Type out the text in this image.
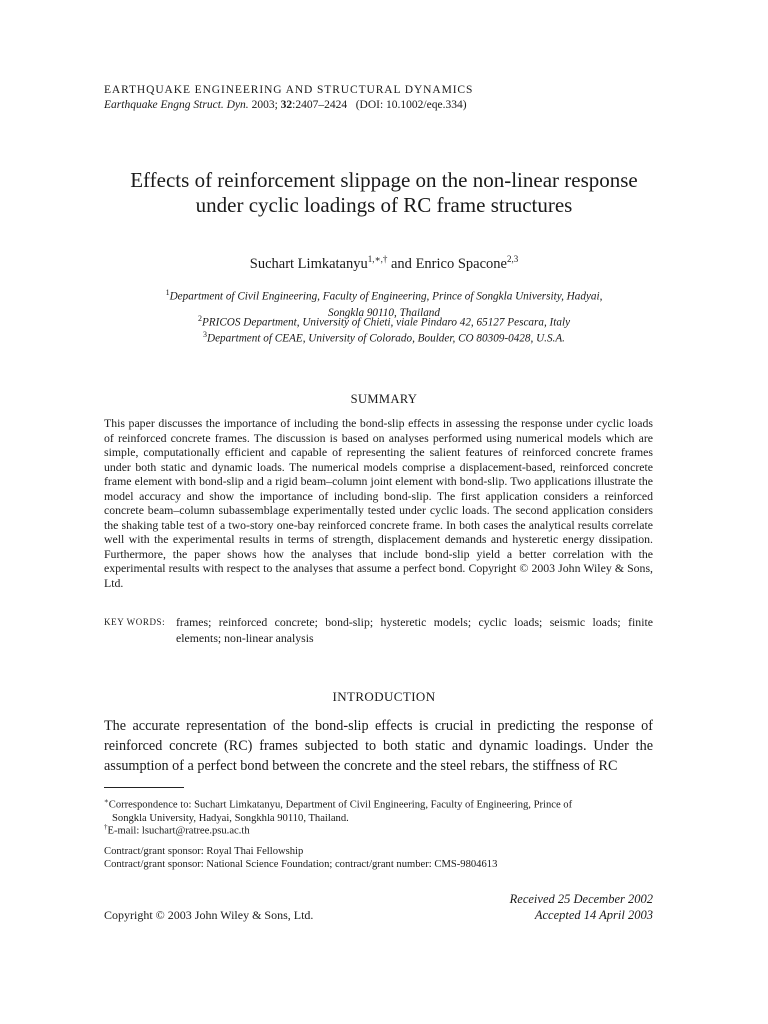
EARTHQUAKE ENGINEERING AND STRUCTURAL DYNAMICS
Earthquake Engng Struct. Dyn. 2003; 32:2407–2424 (DOI: 10.1002/eqe.334)
Effects of reinforcement slippage on the non-linear response
under cyclic loadings of RC frame structures
Suchart Limkatanyu$^{1,∗,\dagger}$ and Enrico Spacone$^{2,3}$
$^1$Department of Civil Engineering, Faculty of Engineering, Prince of Songkla University, Hadyai,
Songkla 90110, Thailand
$^2$PRICOS Department, University of Chieti, viale Pindaro 42, 65127 Pescara, Italy
$^3$Department of CEAE, University of Colorado, Boulder, CO 80309-0428, U.S.A.
SUMMARY

This paper discusses the importance of including the bond-slip effects in assessing the response under cyclic loads of reinforced concrete frames. The discussion is based on analyses performed using numerical models which are simple, computationally efficient and capable of representing the salient features of reinforced concrete frames under both static and dynamic loads. The numerical models comprise a displacement-based, reinforced concrete frame element with bond-slip and a rigid beam–column joint element with bond-slip. Two applications illustrate the model accuracy and show the importance of including bond-slip. The first application considers a reinforced concrete beam–column subassemblage experimentally tested under cyclic loads. The second application considers the shaking table test of a two-story one-bay reinforced concrete frame. In both cases the analytical results correlate well with the experimental results in terms of strength, displacement demands and hysteretic energy dissipation. Furthermore, the paper shows how the analyses that include bond-slip yield a better correlation with the experimental results with respect to the analyses that assume a perfect bond. Copyright © 2003 John Wiley & Sons, Ltd.

KEY WORDS: frames; reinforced concrete; bond-slip; hysteretic models; cyclic loads; seismic loads; finite elements; non-linear analysis
INTRODUCTION

The accurate representation of the bond-slip effects is crucial in predicting the response of reinforced concrete (RC) frames subjected to both static and dynamic loadings. Under the assumption of a perfect bond between the concrete and the steel rebars, the stiffness of RC

∗Correspondence to: Suchart Limkatanyu, Department of Civil Engineering, Faculty of Engineering, Prince of
Songkla University, Hadyai, Songkhla 90110, Thailand.
†E-mail: lsuchart@ratree.psu.ac.th
Contract/grant sponsor: Royal Thai Fellowship
Contract/grant sponsor: National Science Foundation; contract/grant number: CMS-9804613
Received 25 December 2002
Accepted 14 April 2003
Copyright © 2003 John Wiley & Sons, Ltd.
